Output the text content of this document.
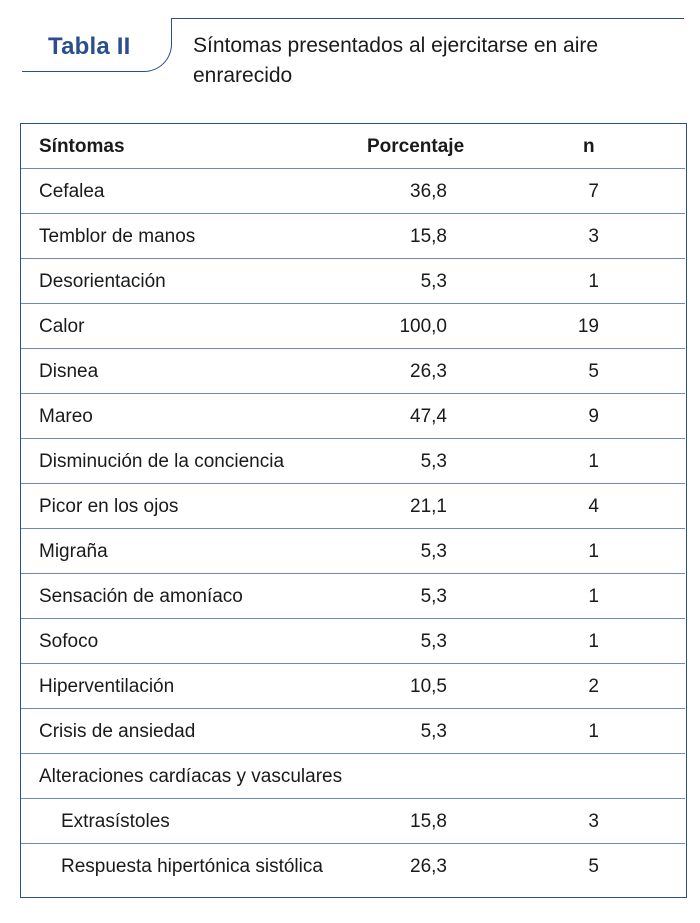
Tabla II	Síntomas presentados al ejercitarse en aire enrarecido
Síntomas	Porcentaje	n
Cefalea	36,8	7
Temblor de manos	15,8	3
Desorientación	5,3	1
Calor	100,0	19
Disnea	26,3	5
Mareo	47,4	9
Disminución de la conciencia	5,3	1
Picor en los ojos	21,1	4
Migraña	5,3	1
Sensación de amoníaco	5,3	1
Sofoco	5,3	1
Hiperventilación	10,5	2
Crisis de ansiedad	5,3	1
Alteraciones cardíacas y vasculares
Extrasístoles	15,8	3
Respuesta hipertónica sistólica	26,3	5
